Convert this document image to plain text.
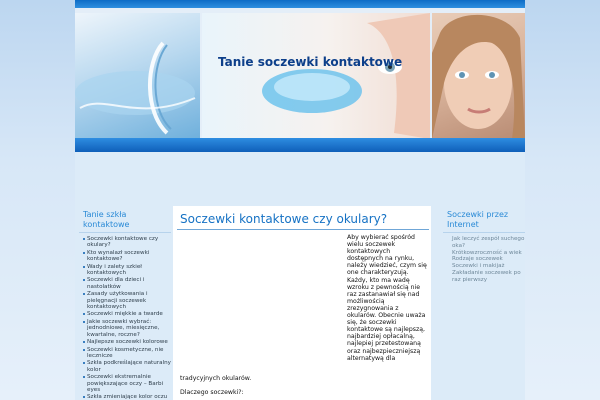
Tanie soczewki kontaktowe
Tanie szkła kontaktowe
Soczewki kontaktowe czy okulary?
Kto wynalazł soczewki kontaktowe?
Wady i zalety szkieł kontaktowych
Soczewki dla dzieci i nastolatków
Zasady użytkowania i pielęgnacji soczewek kontaktowych
Soczewki miękkie a twarde
Jakie soczewki wybrać: jednodniowe, miesięczne, kwartalne, roczne?
Najlepsze soczewki kolorowe
Soczewki kosmetyczne, nie lecznicze
Szkła podkreślające naturalny kolor
Soczewki ekstremalnie powiększające oczy – Barbi eyes
Szkła zmieniające kolor oczu
Soczewki kontaktowe czy okulary?
Aby wybierać spośród wielu soczewek kontaktowych dostępnych na rynku, należy wiedzieć, czym się one charakteryzują. Każdy, kto ma wadę wzroku z pewnością nie raz zastanawiał się nad możliwością zrezygnowania z okularów. Obecnie uważa się, że soczewki kontaktowe są najlepszą, najbardziej opłacalną, najlepiej przetestowaną oraz najbezpieczniejszą alternatywą dla
tradycyjnych okularów.
Dlaczego soczewki?:
Soczewki przez Internet
Jak leczyć zespół suchego oka?
Krótkowzroczność a wiek
Rodzaje soczewek
Soczewki i makijaż
Zakładanie soczewek po raz pierwszy
